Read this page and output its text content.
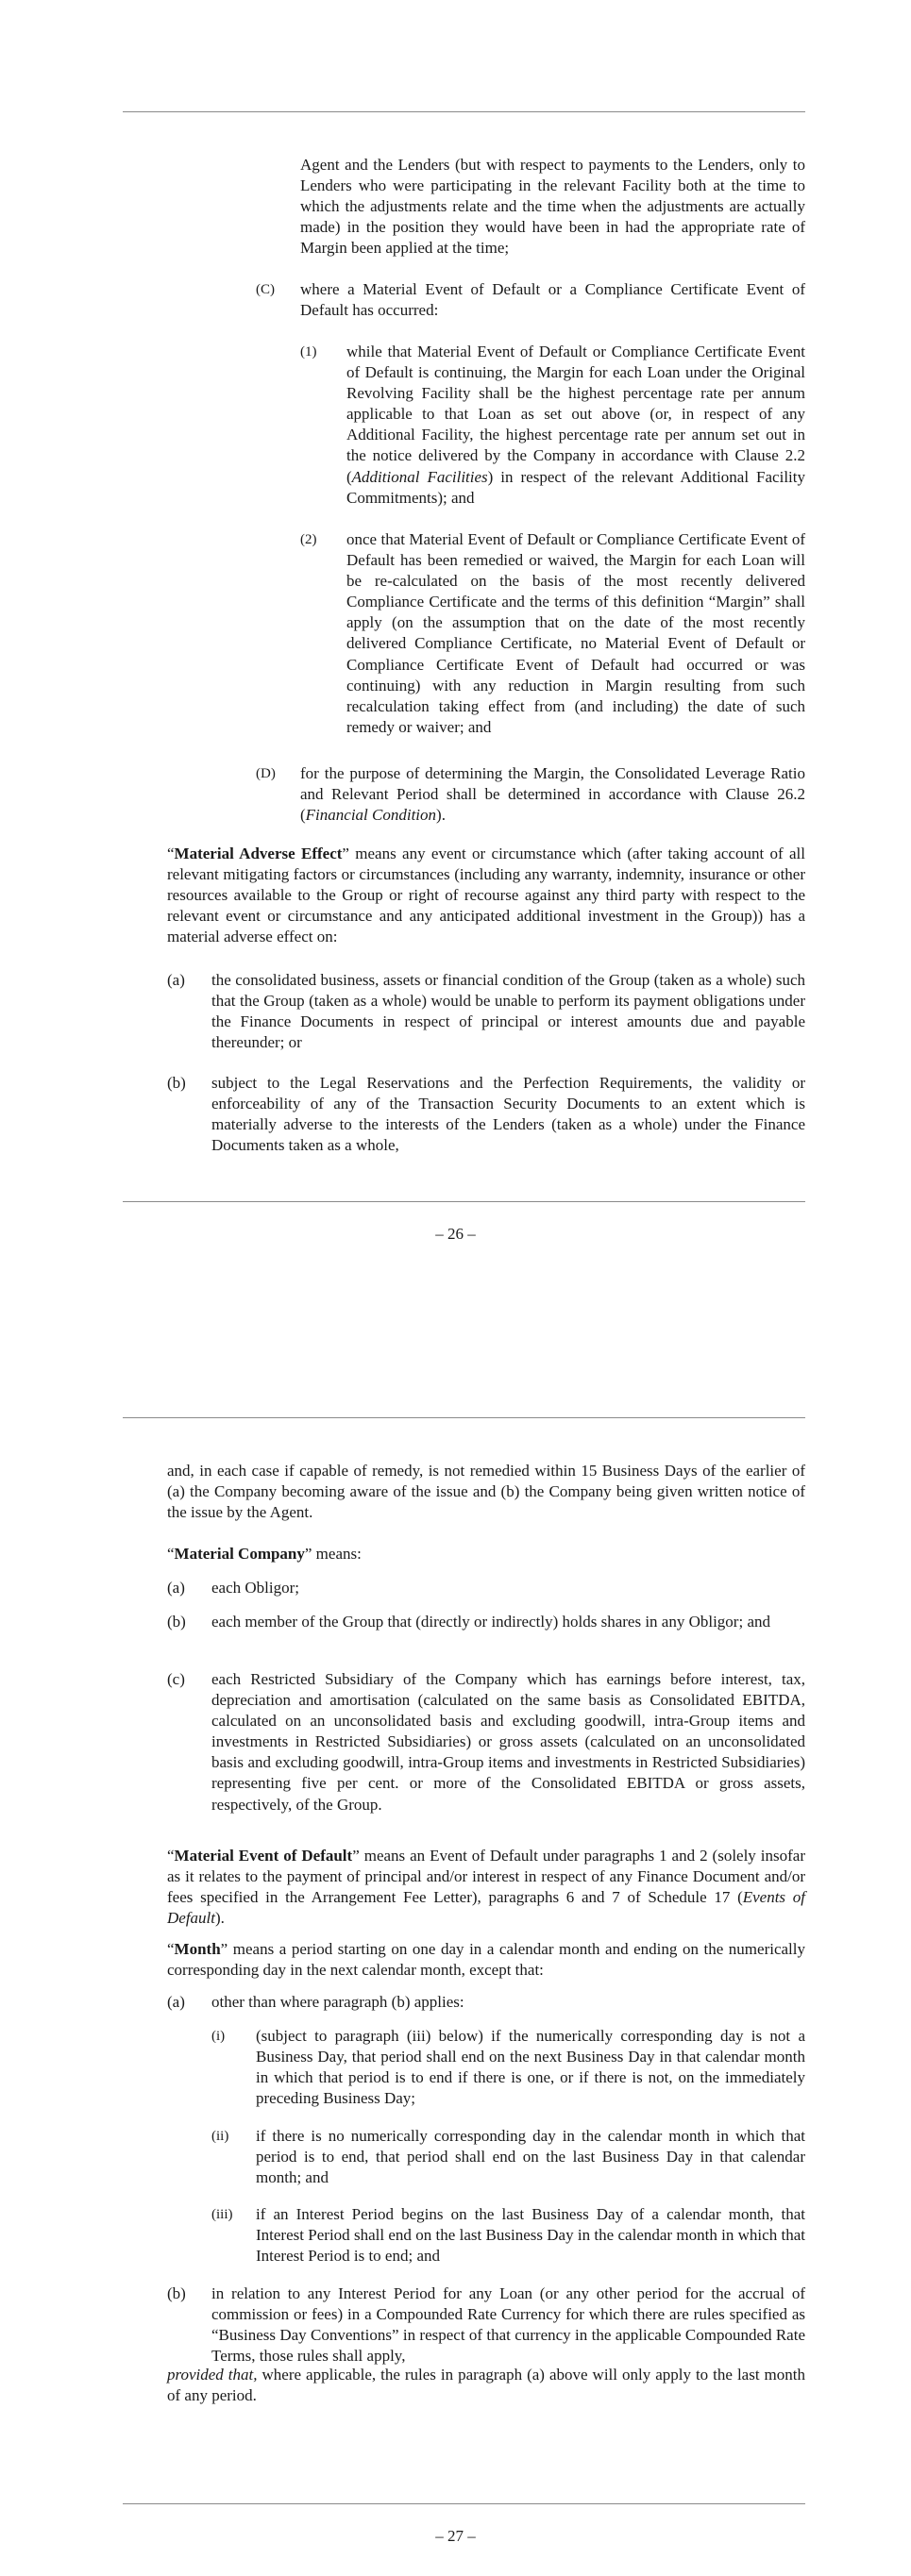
Agent and the Lenders (but with respect to payments to the Lenders, only to Lenders who were participating in the relevant Facility both at the time to which the adjustments relate and the time when the adjustments are actually made) in the position they would have been in had the appropriate rate of Margin been applied at the time;

(C) where a Material Event of Default or a Compliance Certificate Event of Default has occurred:

(1) while that Material Event of Default or Compliance Certificate Event of Default is continuing, the Margin for each Loan under the Original Revolving Facility shall be the highest percentage rate per annum applicable to that Loan as set out above (or, in respect of any Additional Facility, the highest percentage rate per annum set out in the notice delivered by the Company in accordance with Clause 2.2 (Additional Facilities) in respect of the relevant Additional Facility Commitments); and

(2) once that Material Event of Default or Compliance Certificate Event of Default has been remedied or waived, the Margin for each Loan will be re-calculated on the basis of the most recently delivered Compliance Certificate and the terms of this definition “Margin” shall apply (on the assumption that on the date of the most recently delivered Compliance Certificate, no Material Event of Default or Compliance Certificate Event of Default had occurred or was continuing) with any reduction in Margin resulting from such recalculation taking effect from (and including) the date of such remedy or waiver; and

(D) for the purpose of determining the Margin, the Consolidated Leverage Ratio and Relevant Period shall be determined in accordance with Clause 26.2 (Financial Condition).

“Material Adverse Effect” means any event or circumstance which (after taking account of all relevant mitigating factors or circumstances (including any warranty, indemnity, insurance or other resources available to the Group or right of recourse against any third party with respect to the relevant event or circumstance and any anticipated additional investment in the Group)) has a material adverse effect on:

(a) the consolidated business, assets or financial condition of the Group (taken as a whole) such that the Group (taken as a whole) would be unable to perform its payment obligations under the Finance Documents in respect of principal or interest amounts due and payable thereunder; or

(b) subject to the Legal Reservations and the Perfection Requirements, the validity or enforceability of any of the Transaction Security Documents to an extent which is materially adverse to the interests of the Lenders (taken as a whole) under the Finance Documents taken as a whole,

– 26 –

and, in each case if capable of remedy, is not remedied within 15 Business Days of the earlier of (a) the Company becoming aware of the issue and (b) the Company being given written notice of the issue by the Agent.

“Material Company” means:

(a) each Obligor;

(b) each member of the Group that (directly or indirectly) holds shares in any Obligor; and

(c) each Restricted Subsidiary of the Company which has earnings before interest, tax, depreciation and amortisation (calculated on the same basis as Consolidated EBITDA, calculated on an unconsolidated basis and excluding goodwill, intra-Group items and investments in Restricted Subsidiaries) or gross assets (calculated on an unconsolidated basis and excluding goodwill, intra-Group items and investments in Restricted Subsidiaries) representing five per cent. or more of the Consolidated EBITDA or gross assets, respectively, of the Group.

“Material Event of Default” means an Event of Default under paragraphs 1 and 2 (solely insofar as it relates to the payment of principal and/or interest in respect of any Finance Document and/or fees specified in the Arrangement Fee Letter), paragraphs 6 and 7 of Schedule 17 (Events of Default).

“Month” means a period starting on one day in a calendar month and ending on the numerically corresponding day in the next calendar month, except that:

(a) other than where paragraph (b) applies:

(i) (subject to paragraph (iii) below) if the numerically corresponding day is not a Business Day, that period shall end on the next Business Day in that calendar month in which that period is to end if there is one, or if there is not, on the immediately preceding Business Day;

(ii) if there is no numerically corresponding day in the calendar month in which that period is to end, that period shall end on the last Business Day in that calendar month; and

(iii) if an Interest Period begins on the last Business Day of a calendar month, that Interest Period shall end on the last Business Day in the calendar month in which that Interest Period is to end; and

(b) in relation to any Interest Period for any Loan (or any other period for the accrual of commission or fees) in a Compounded Rate Currency for which there are rules specified as “Business Day Conventions” in respect of that currency in the applicable Compounded Rate Terms, those rules shall apply,

provided that, where applicable, the rules in paragraph (a) above will only apply to the last month of any period.

– 27 –
